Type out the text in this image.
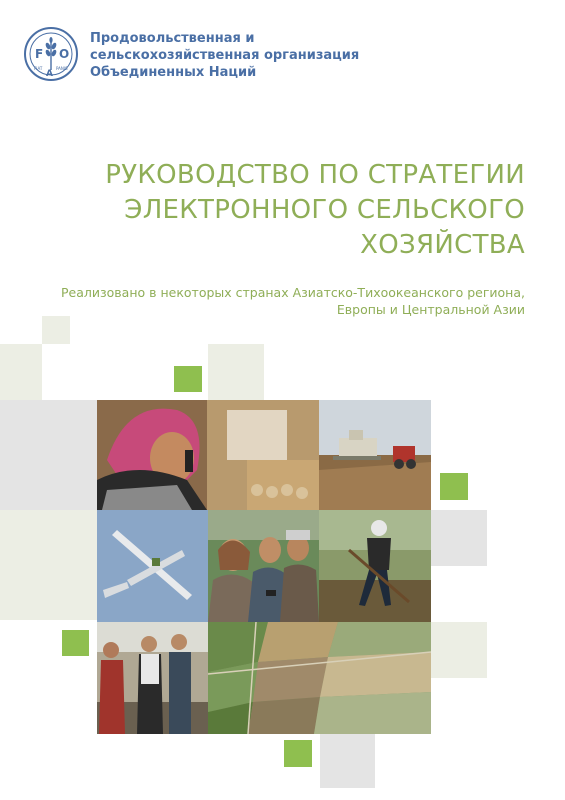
F
A
O
FIAT	PANIS
Продовольственная и
сельскохозяйственная организация
Объединенных Наций
РУКОВОДСТВО ПО СТРАТЕГИИ
ЭЛЕКТРОННОГО СЕЛЬСКОГО
ХОЗЯЙСТВА
Реализовано в некоторых странах Азиатско-Тихоокеанского региона,
Европы и Центральной Азии
